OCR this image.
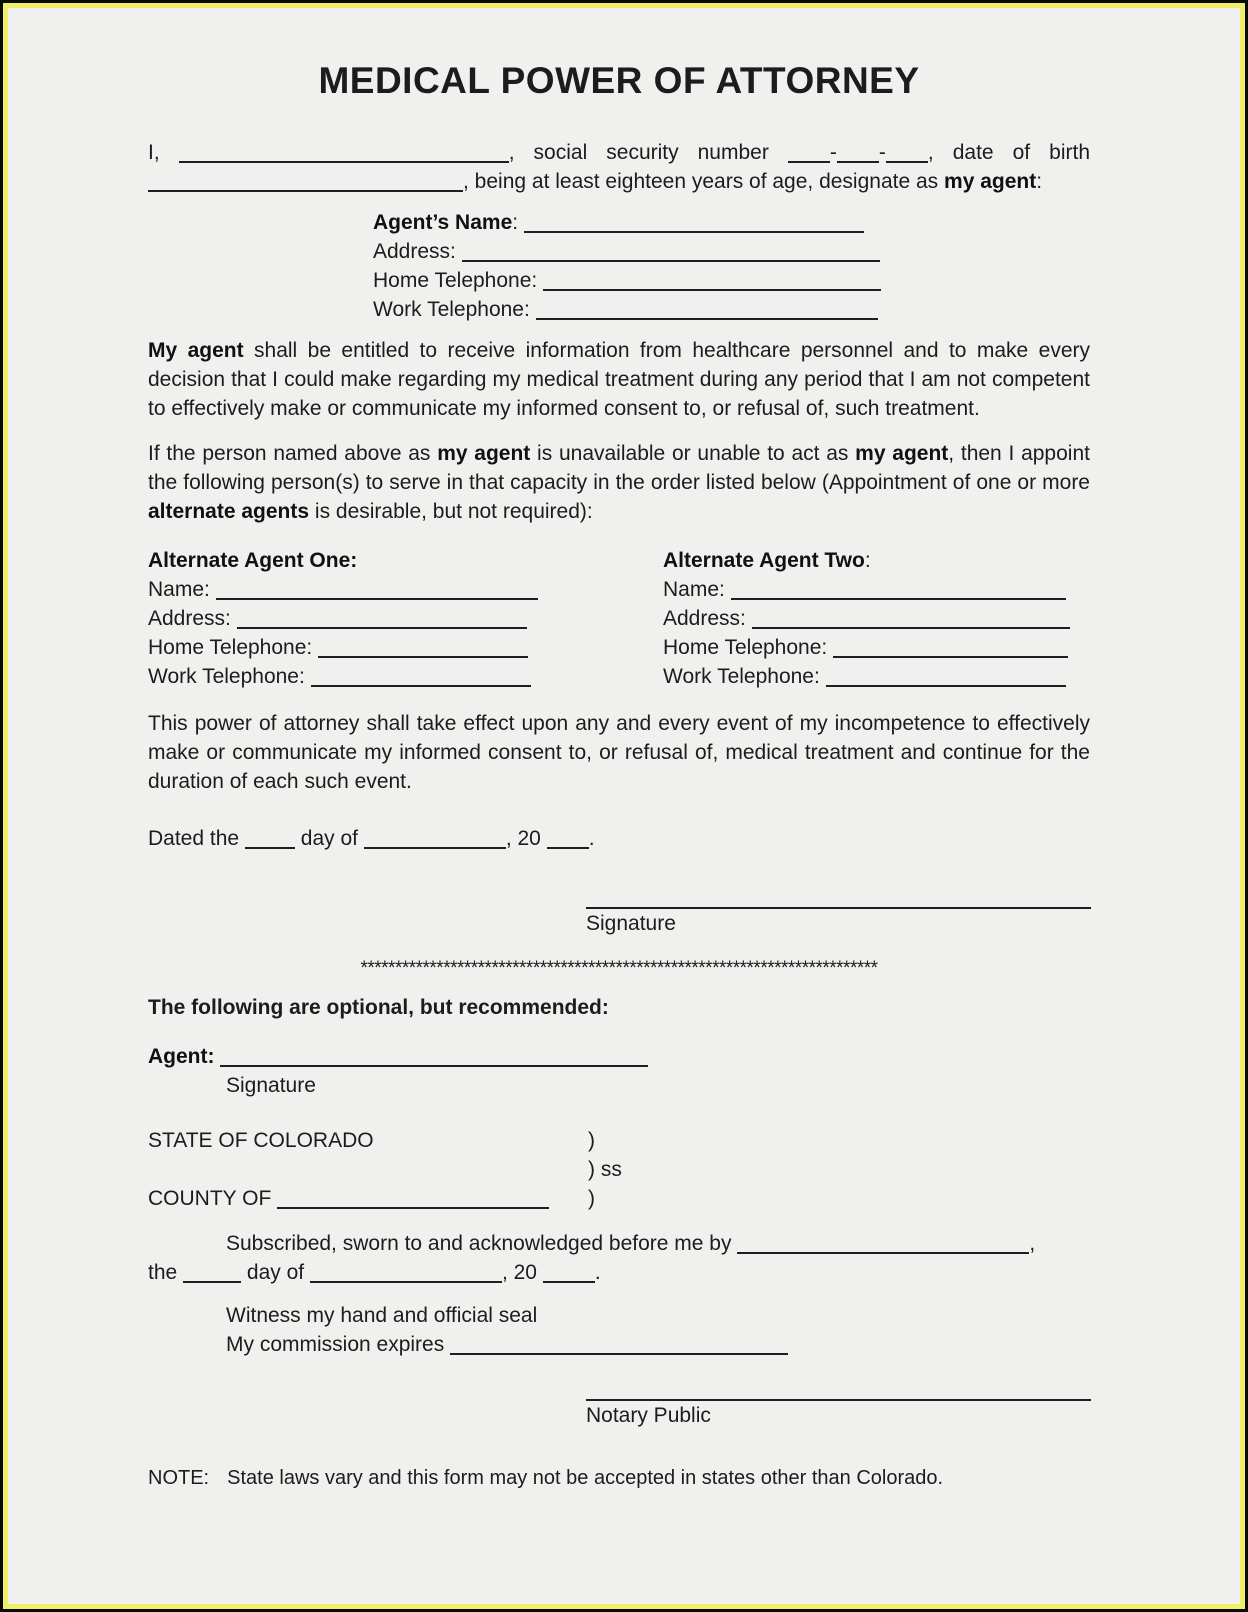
MEDICAL POWER OF ATTORNEY
I,	, social security number	- - , date of birth
, being at least eighteen years of age, designate as my agent:
Agent’s Name:
Address:
Home Telephone:
Work Telephone:

My agent shall be entitled to receive information from healthcare personnel and to make every decision that I could make regarding my medical treatment during any period that I am not competent to effectively make or communicate my informed consent to, or refusal of, such treatment.

If the person named above as my agent is unavailable or unable to act as my agent, then I appoint the following person(s) to serve in that capacity in the order listed below (Appointment of one or more alternate agents is desirable, but not required):

Alternate Agent One:
Name:
Address:
Home Telephone:
Work Telephone:
Alternate Agent Two:
Name:
Address:
Home Telephone:
Work Telephone:

This power of attorney shall take effect upon any and every event of my incompetence to effectively make or communicate my informed consent to, or refusal of, medical treatment and continue for the duration of each such event.

Dated the	day of	, 20 .
Signature
***************************************************************************

The following are optional, but recommended:

Agent:
Signature
STATE OF COLORADO	)
) ss
COUNTY OF	)
Subscribed, sworn to and acknowledged before me by	,
the	day of	, 20	.
Witness my hand and official seal
My commission expires
Notary Public
NOTE: State laws vary and this form may not be accepted in states other than Colorado.
